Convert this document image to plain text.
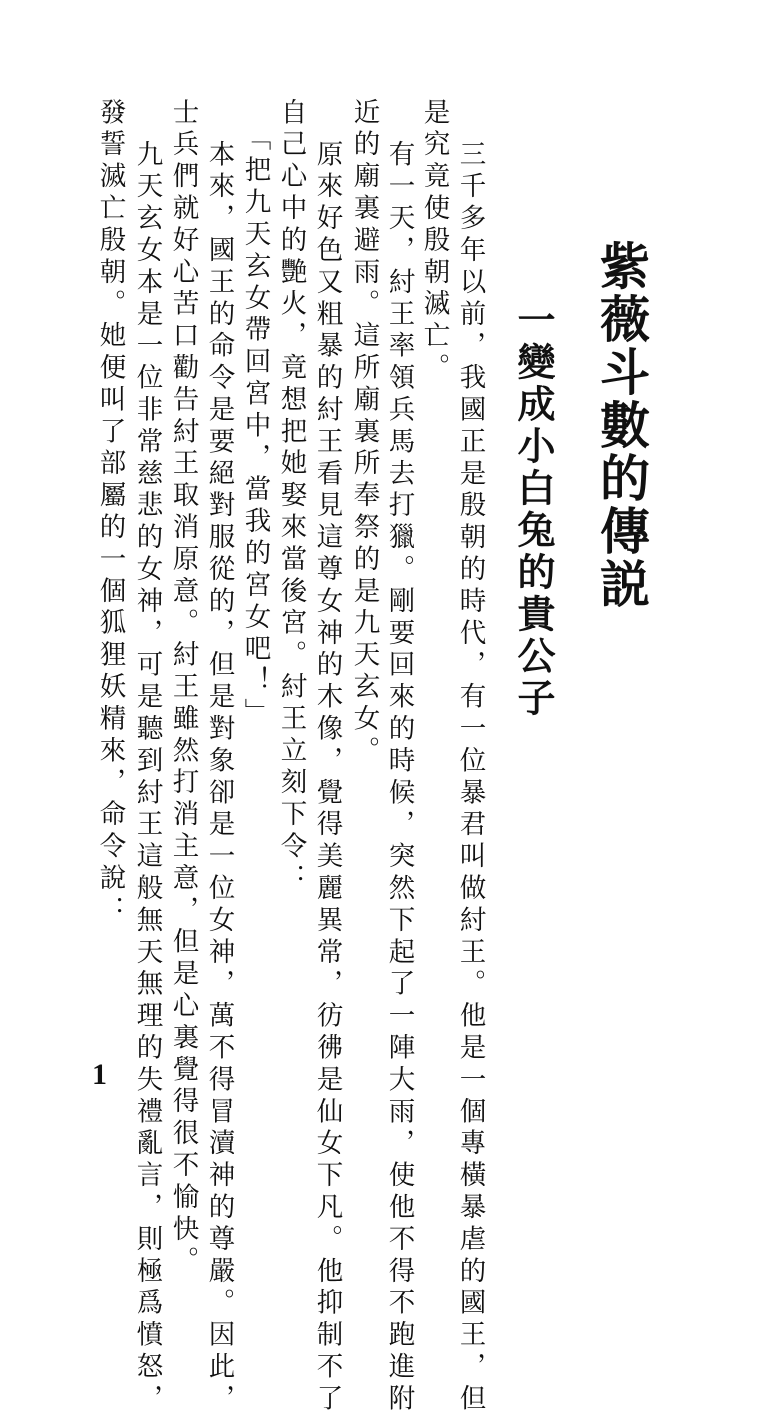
紫薇斗數的傳説
一變成小白兔的貴公子

三千多年以前，我國正是殷朝的時代，有一位暴君叫做紂王。他是一個專橫暴虐的國王，但

是究竟使殷朝滅亡。

有一天，紂王率領兵馬去打獵。剛要回來的時候，突然下起了一陣大雨，使他不得不跑進附

近的廟裏避雨。這所廟裏所奉祭的是九天玄女。

原來好色又粗暴的紂王看見這尊女神的木像，覺得美麗異常，彷彿是仙女下凡。他抑制不了

自己心中的艷火，竟想把她娶來當後宮。紂王立刻下令：

「把九天玄女帶回宮中，當我的宮女吧！」

本來，國王的命令是要絕對服從的，但是對象卻是一位女神，萬不得冒瀆神的尊嚴。因此，

士兵們就好心苦口勸告紂王取消原意。紂王雖然打消主意，但是心裏覺得很不愉快。

九天玄女本是一位非常慈悲的女神，可是聽到紂王這般無天無理的失禮亂言，則極爲憤怒，

發誓滅亡殷朝。她便叫了部屬的一個狐狸妖精來，命令說：

1
